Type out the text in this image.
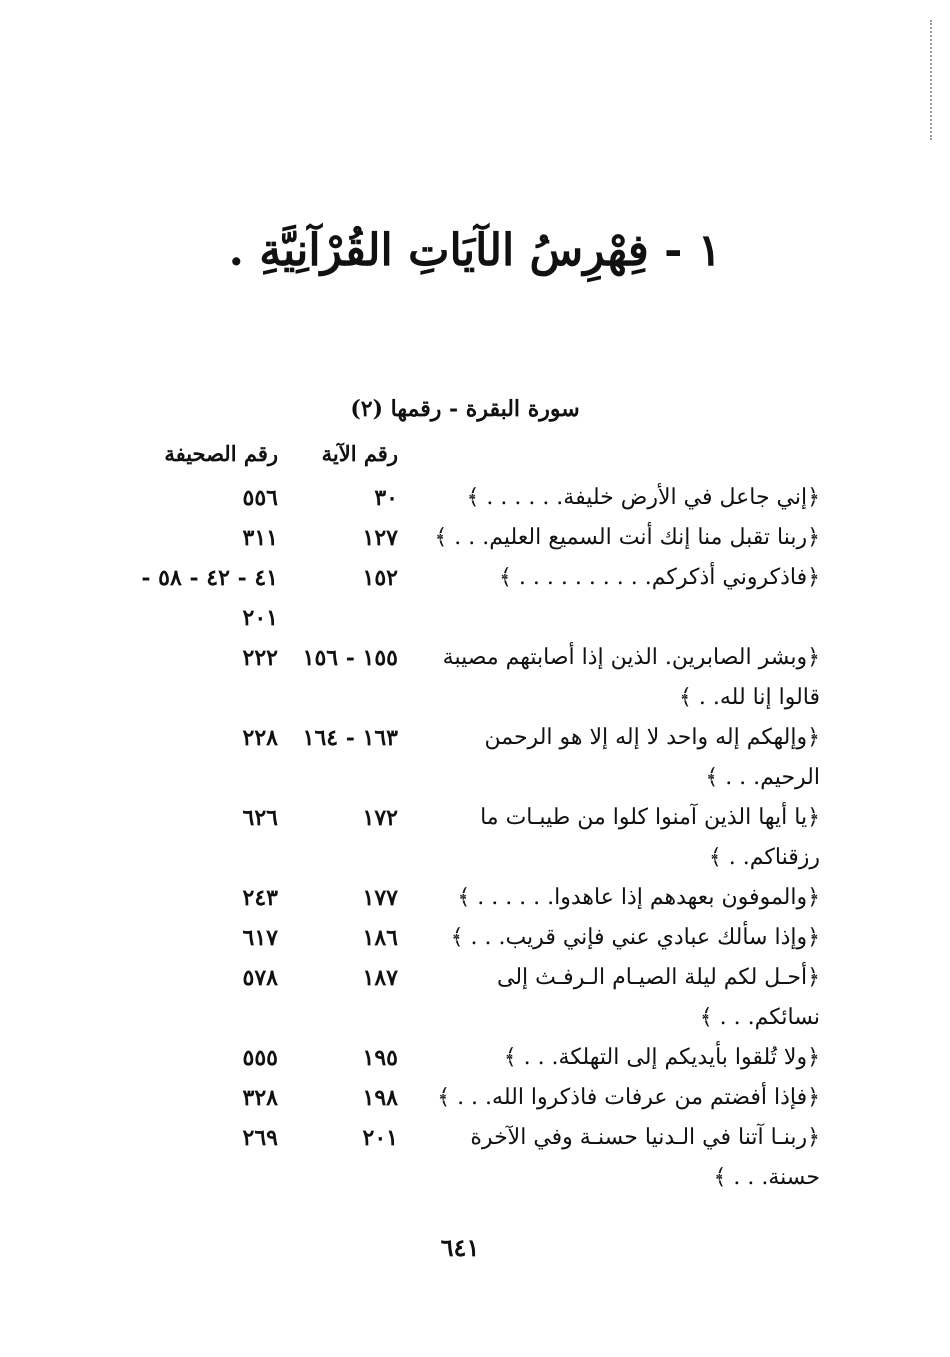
١ - فِهْرِسُ الآيَاتِ القُرْآنِيَّةِ .
سورة البقرة - رقمها (٢)
رقم الآية
رقم الصحيفة
﴿إني جاعل في الأرض خليفة. . . . . . ﴾
٣٠
٥٥٦
﴿ربنا تقبل منا إنك أنت السميع العليم. . . ﴾
١٢٧
٣١١
﴿فاذكروني أذكركم. . . . . . . . . . ﴾
١٥٢
٤١ - ٤٢ - ٥٨ -
٢٠١
﴿وبشر الصابرين. الذين إذا أصابتهم مصيبة
قالوا إنا لله. . ﴾
١٥٥ - ١٥٦
٢٢٢
﴿وإلهكم إله واحد لا إله إلا هو الرحمن
الرحيم. . . ﴾
١٦٣ - ١٦٤
٢٢٨
﴿يا أيها الذين آمنوا كلوا من طيبـات ما
رزقناكم. . ﴾
١٧٢
٦٢٦
﴿والموفون بعهدهم إذا عاهدوا. . . . . . ﴾
١٧٧
٢٤٣
﴿وإذا سألك عبادي عني فإني قريب. . . ﴾
١٨٦
٦١٧
﴿أحـل لكم ليلة الصيـام الـرفـث إلى
نسائكم. . . ﴾
١٨٧
٥٧٨
﴿ولا تُلقوا بأيديكم إلى التهلكة. . . ﴾
١٩٥
٥٥٥
﴿فإذا أفضتم من عرفات فاذكروا الله. . . ﴾
١٩٨
٣٢٨
﴿ربنـا آتنا في الـدنيا حسنـة وفي الآخرة
حسنة. . . ﴾
٢٠١
٢٦٩
٦٤١
